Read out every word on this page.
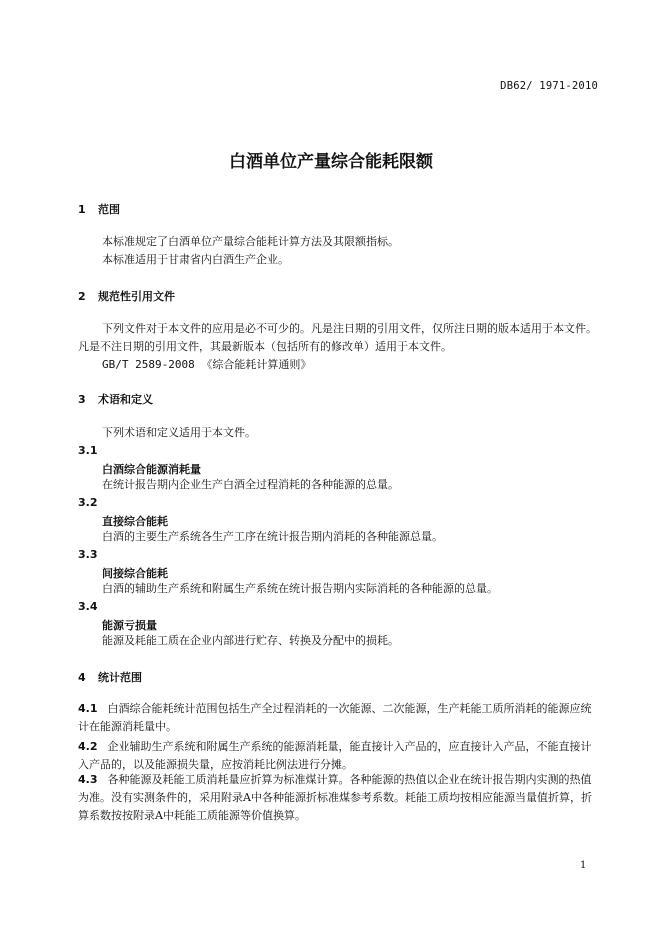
DB62/ 1971-2010
白酒单位产量综合能耗限额
1 范围
本标准规定了白酒单位产量综合能耗计算方法及其限额指标。
本标准适用于甘肃省内白酒生产企业。
2 规范性引用文件
下列文件对于本文件的应用是必不可少的。凡是注日期的引用文件，仅所注日期的版本适用于本文件。凡是不注日期的引用文件，其最新版本（包括所有的修改单）适用于本文件。
GB/T 2589-2008 《综合能耗计算通则》
3 术语和定义
下列术语和定义适用于本文件。
3.1
白酒综合能源消耗量
在统计报告期内企业生产白酒全过程消耗的各种能源的总量。
3.2
直接综合能耗
白酒的主要生产系统各生产工序在统计报告期内消耗的各种能源总量。
3.3
间接综合能耗
白酒的辅助生产系统和附属生产系统在统计报告期内实际消耗的各种能源的总量。
3.4
能源亏损量
能源及耗能工质在企业内部进行贮存、转换及分配中的损耗。
4 统计范围
4.1 白酒综合能耗统计范围包括生产全过程消耗的一次能源、二次能源，生产耗能工质所消耗的能源应统计在能源消耗量中。
4.2 企业辅助生产系统和附属生产系统的能源消耗量，能直接计入产品的，应直接计入产品，不能直接计入产品的，以及能源损失量，应按消耗比例法进行分摊。
4.3 各种能源及耗能工质消耗量应折算为标准煤计算。各种能源的热值以企业在统计报告期内实测的热值为准。没有实测条件的，采用附录A中各种能源折标准煤参考系数。耗能工质均按相应能源当量值折算，折算系数按按附录A中耗能工质能源等价值换算。
1
